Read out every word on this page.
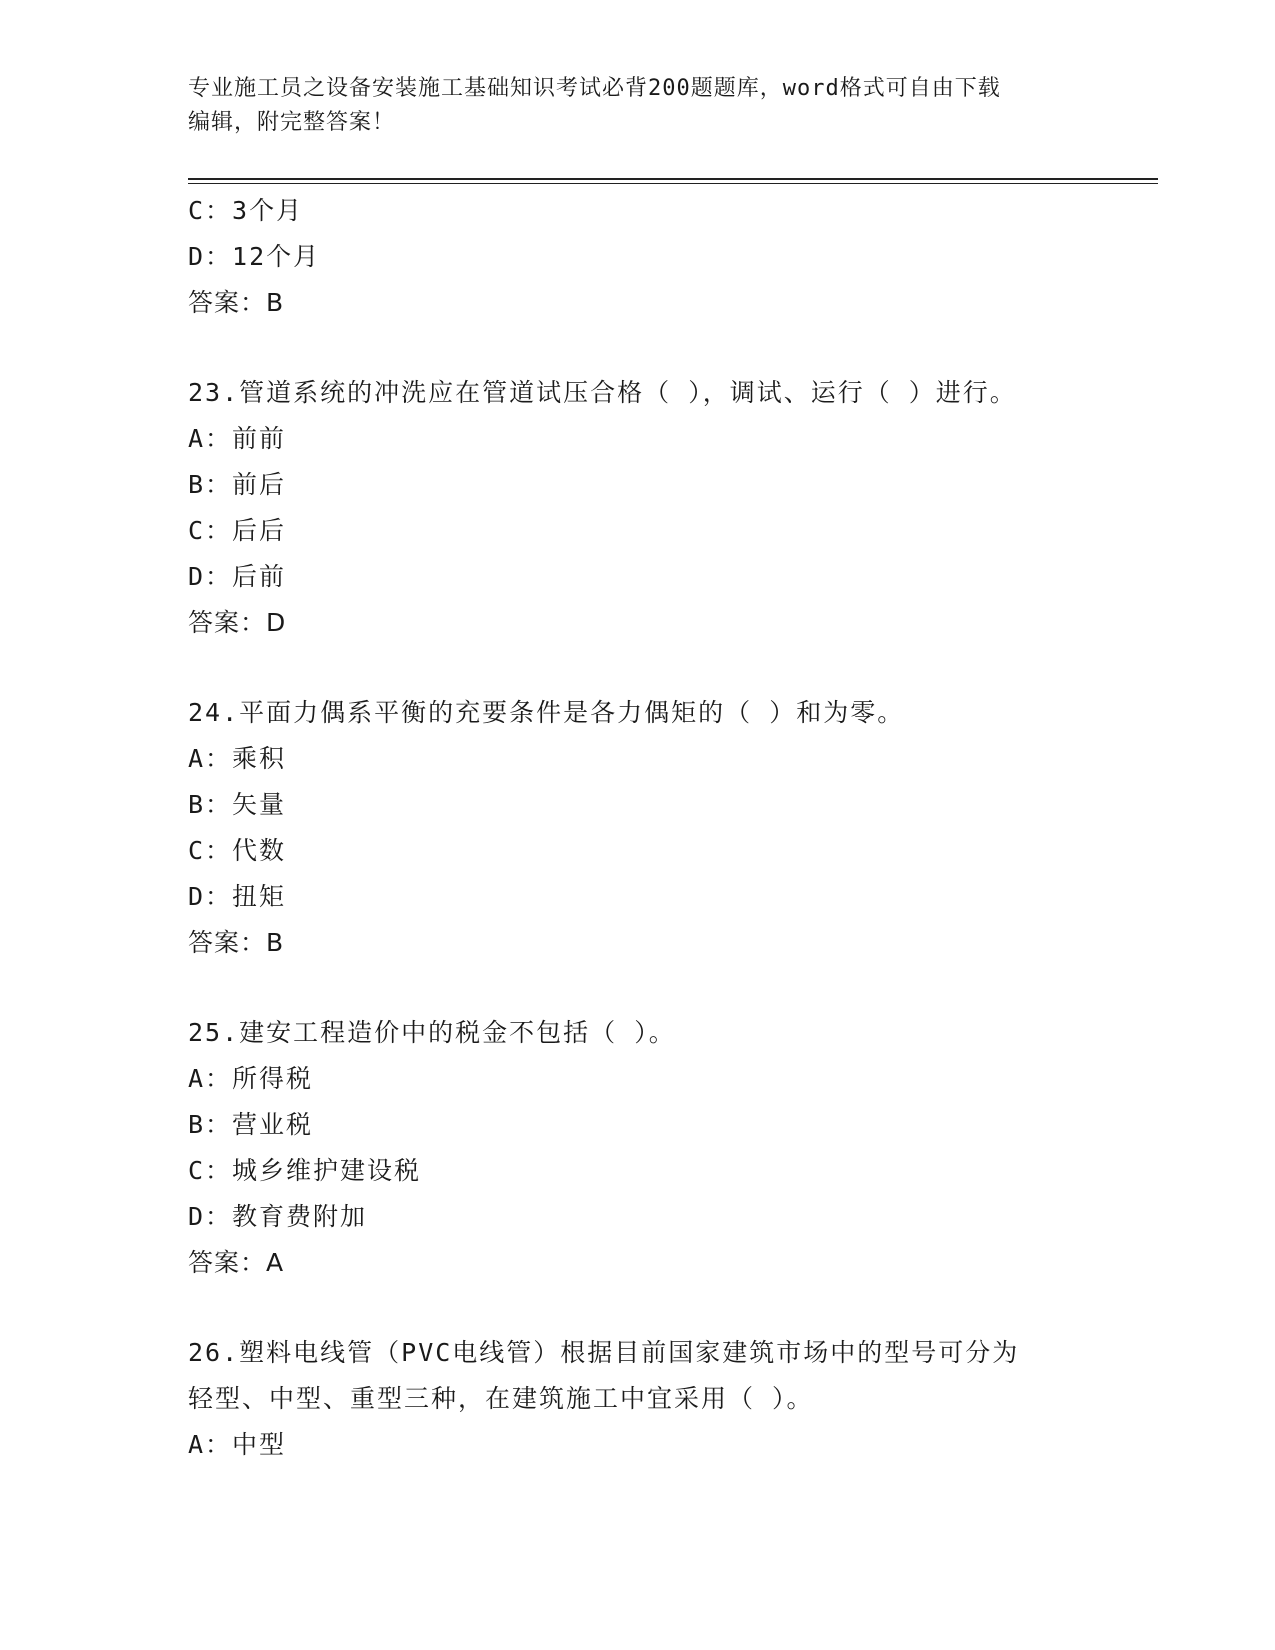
专业施工员之设备安装施工基础知识考试必背200题题库，word格式可自由下载
编辑，附完整答案！
C：3个月
D：12个月
答案：B
23.管道系统的冲洗应在管道试压合格（ ），调试、运行（ ）进行。
A：前前
B：前后
C：后后
D：后前
答案：D
24.平面力偶系平衡的充要条件是各力偶矩的（ ）和为零。
A：乘积
B：矢量
C：代数
D：扭矩
答案：B
25.建安工程造价中的税金不包括（ ）。
A：所得税
B：营业税
C：城乡维护建设税
D：教育费附加
答案：A
26.塑料电线管（PVC电线管）根据目前国家建筑市场中的型号可分为
轻型、中型、重型三种，在建筑施工中宜采用（ ）。
A：中型
